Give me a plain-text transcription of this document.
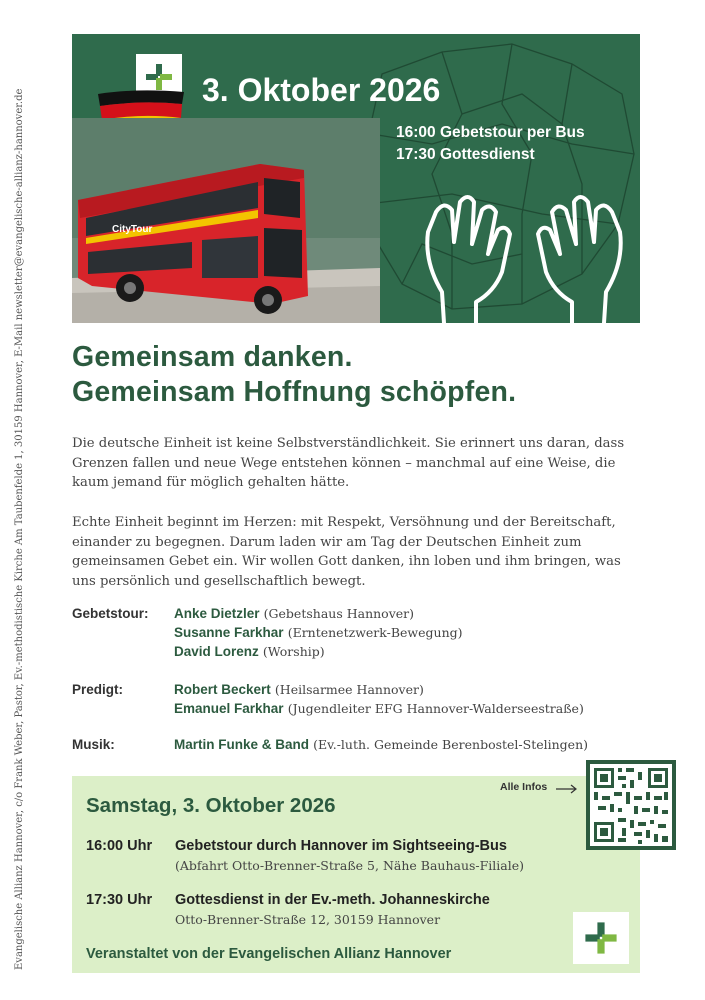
Evangelische Allianz Hannover, c/o Frank Weber, Pastor, Ev.-methodistische Kirche Am Taubenfelde 1, 30159 Hannover, E-Mail newsletter@evangelische-allianz-hannover.de	3. Oktober 2026
16:00 Gebetstour per Bus
17:30 Gottesdienst
CityTour
Gemeinsam danken.
Gemeinsam Hoffnung schöpfen.

Die deutsche Einheit ist keine Selbstverständlichkeit. Sie erinnert uns daran, dass Grenzen fallen und neue Wege entstehen können – manchmal auf eine Weise, die kaum jemand für möglich gehalten hätte.

Echte Einheit beginnt im Herzen: mit Respekt, Versöhnung und der Bereitschaft, einander zu begegnen. Darum laden wir am Tag der Deutschen Einheit zum gemeinsamen Gebet ein. Wir wollen Gott danken, ihn loben und ihm bringen, was uns persönlich und gesellschaftlich bewegt.

Gebetstour: Anke Dietzler (Gebetshaus Hannover)
Susanne Farkhar (Erntenetzwerk-Bewegung)
David Lorenz (Worship)
Predigt:	Robert Beckert (Heilsarmee Hannover)
Emanuel Farkhar (Jugendleiter EFG Hannover-Walderseestraße)
Musik:	Martin Funke & Band (Ev.-luth. Gemeinde Berenbostel-Stelingen)
Alle Infos
Samstag, 3. Oktober 2026
16:00 Uhr Gebetstour durch Hannover im Sightseeing-Bus
(Abfahrt Otto-Brenner-Straße 5, Nähe Bauhaus-Filiale)
17:30 Uhr Gottesdienst in der Ev.-meth. Johanneskirche
Otto-Brenner-Straße 12, 30159 Hannover
Veranstaltet von der Evangelischen Allianz Hannover
